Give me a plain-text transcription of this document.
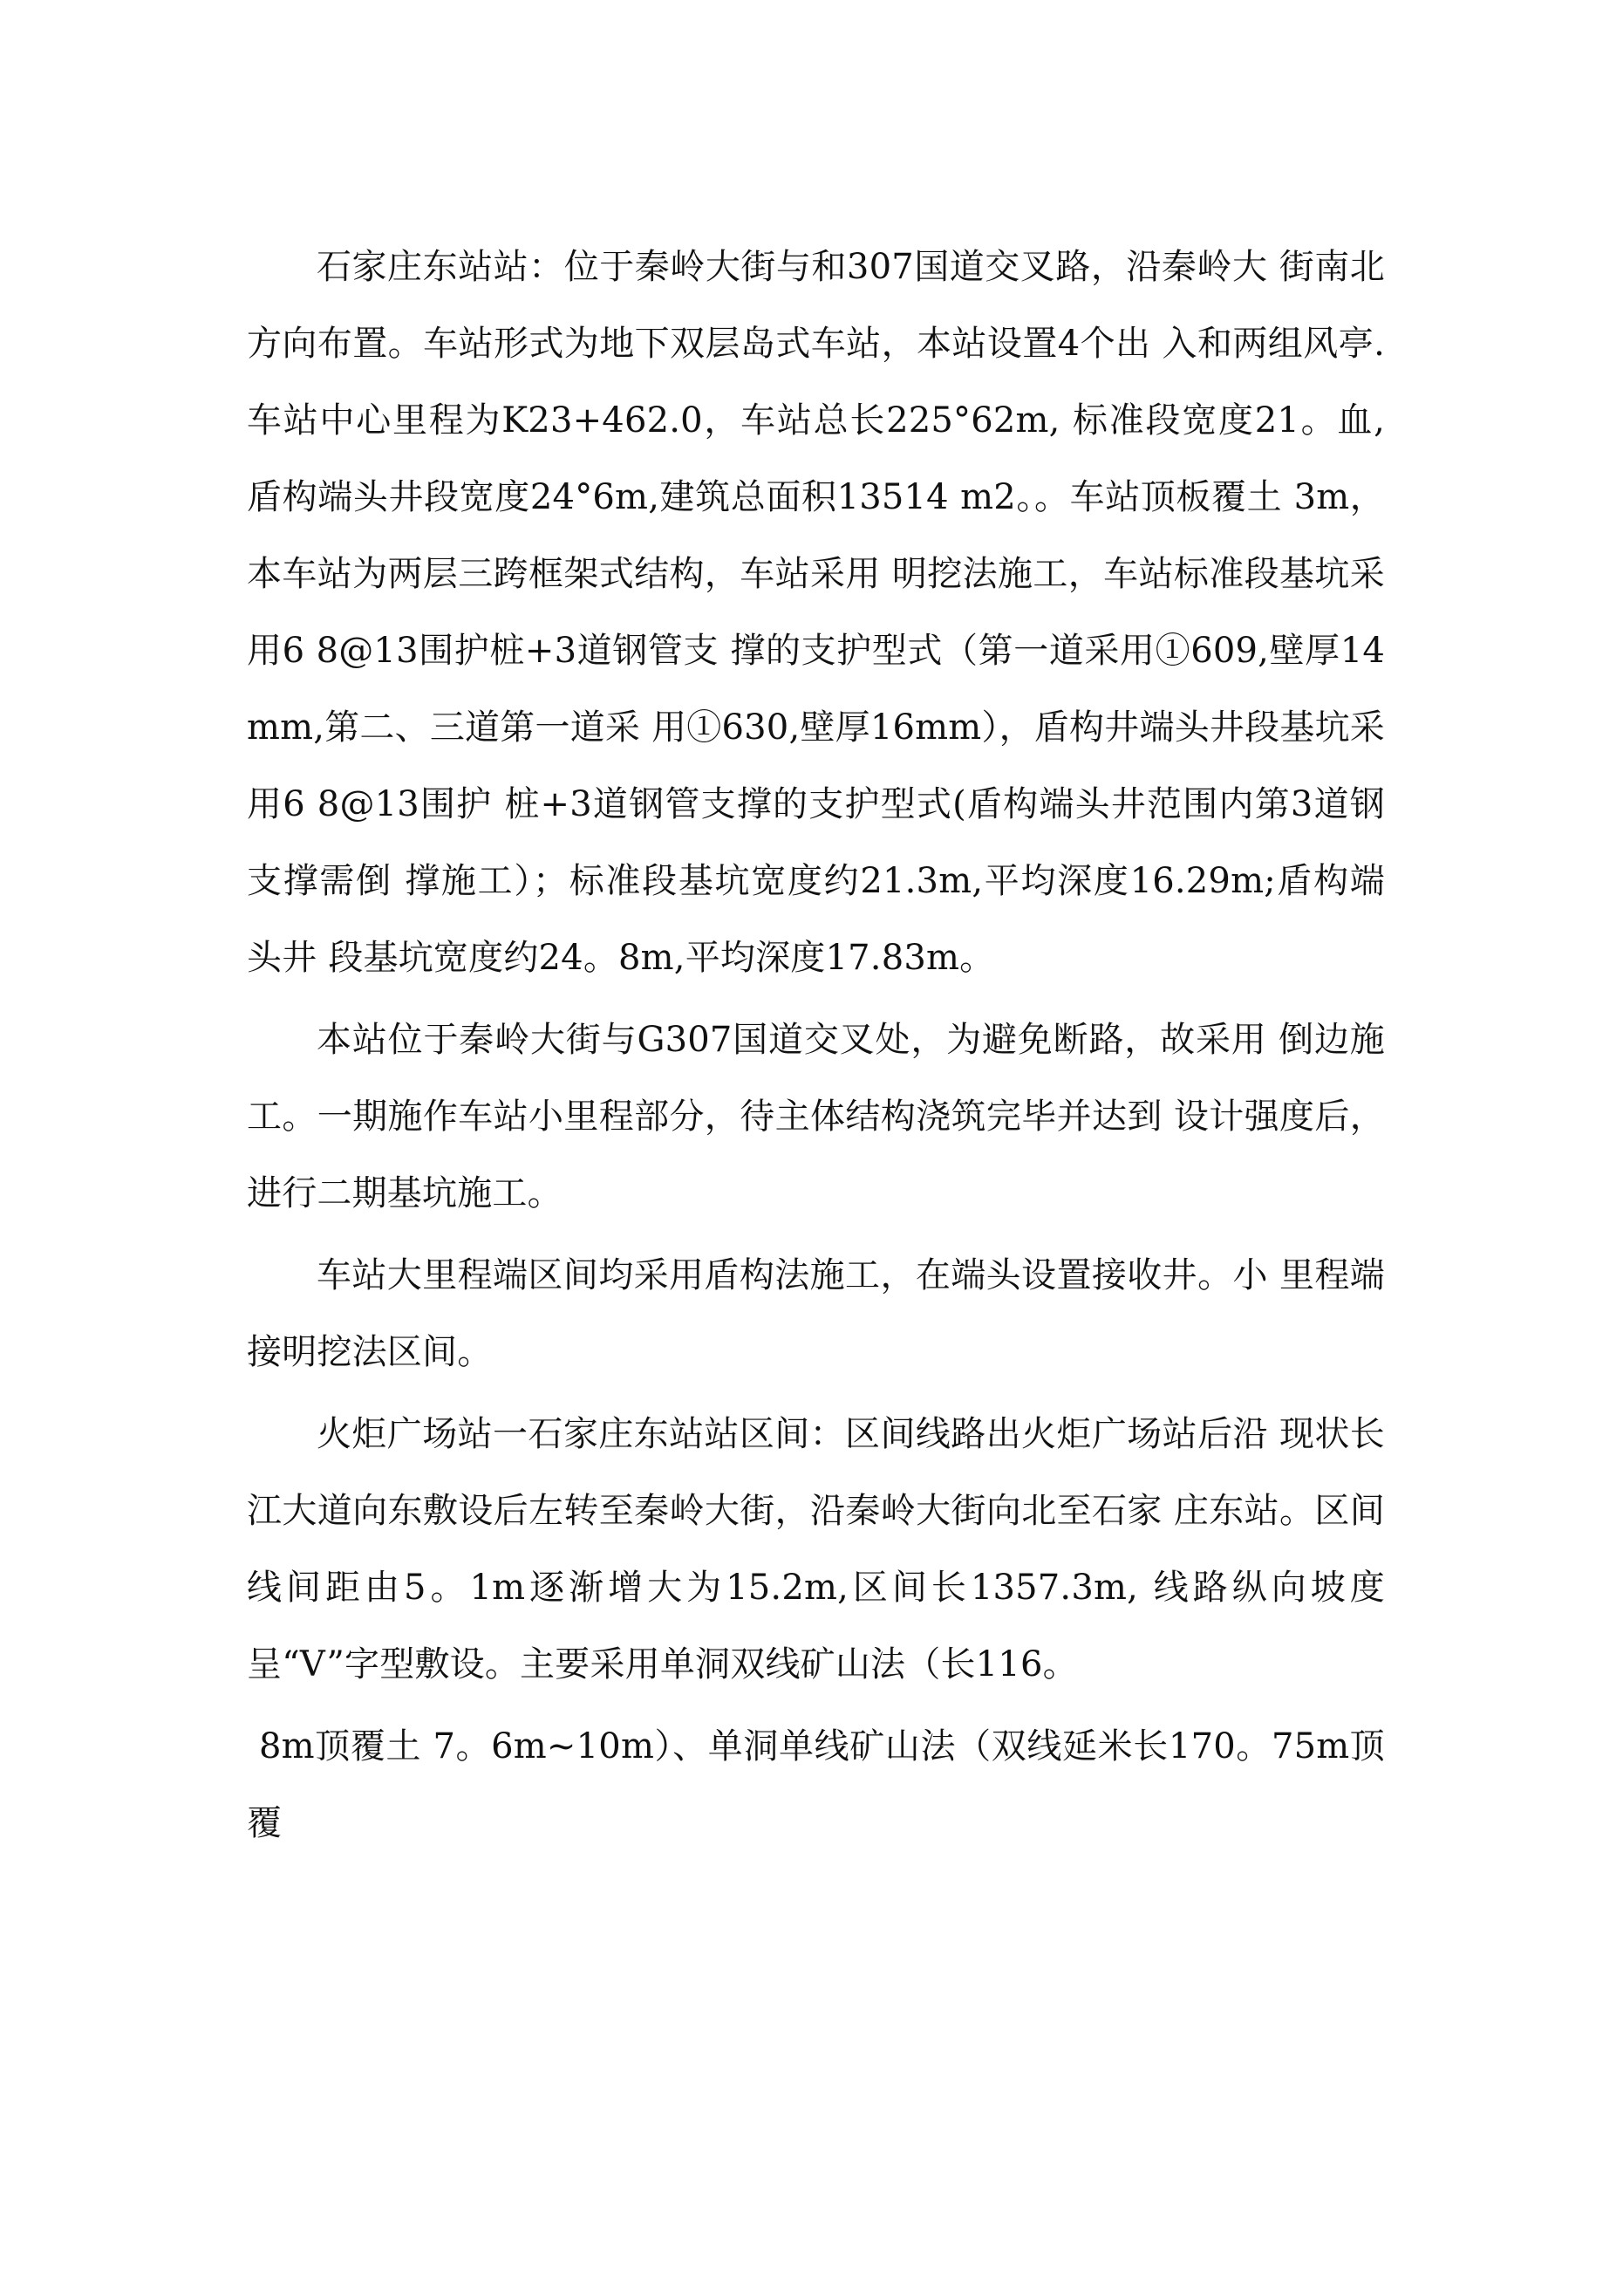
石家庄东站站：位于秦岭大街与和307国道交叉路，沿秦岭大 街南北方向布置。车站形式为地下双层岛式车站，本站设置4个出 入和两组风亭.车站中心里程为K23+462.0，车站总长225°62m, 标准段宽度21。血,盾构端头井段宽度24°6m,建筑总面积13514 m2。。车站顶板覆土 3m，本车站为两层三跨框架式结构，车站采用 明挖法施工，车站标准段基坑采用6 8@13围护桩+3道钢管支 撑的支护型式（第一道采用①609,壁厚14mm,第二、三道第一道采 用①630,壁厚16mm），盾构井端头井段基坑采用6 8@13围护 桩+3道钢管支撑的支护型式(盾构端头井范围内第3道钢支撑需倒 撑施工）；标准段基坑宽度约21.3m,平均深度16.29m;盾构端头井 段基坑宽度约24。8m,平均深度17.83m。

本站位于秦岭大街与G307国道交叉处，为避免断路，故采用 倒边施工。一期施作车站小里程部分，待主体结构浇筑完毕并达到 设计强度后，进行二期基坑施工。

车站大里程端区间均采用盾构法施工，在端头设置接收井。小 里程端接明挖法区间。

火炬广场站一石家庄东站站区间：区间线路出火炬广场站后沿 现状长江大道向东敷设后左转至秦岭大街，沿秦岭大街向北至石家 庄东站。区间线间距由5。1m逐渐增大为15.2m,区间长1357.3m, 线路纵向坡度呈“V”字型敷设。主要采用单洞双线矿山法（长116。

8m顶覆土 7。6m~10m）、单洞单线矿山法（双线延米长170。75m顶 覆
